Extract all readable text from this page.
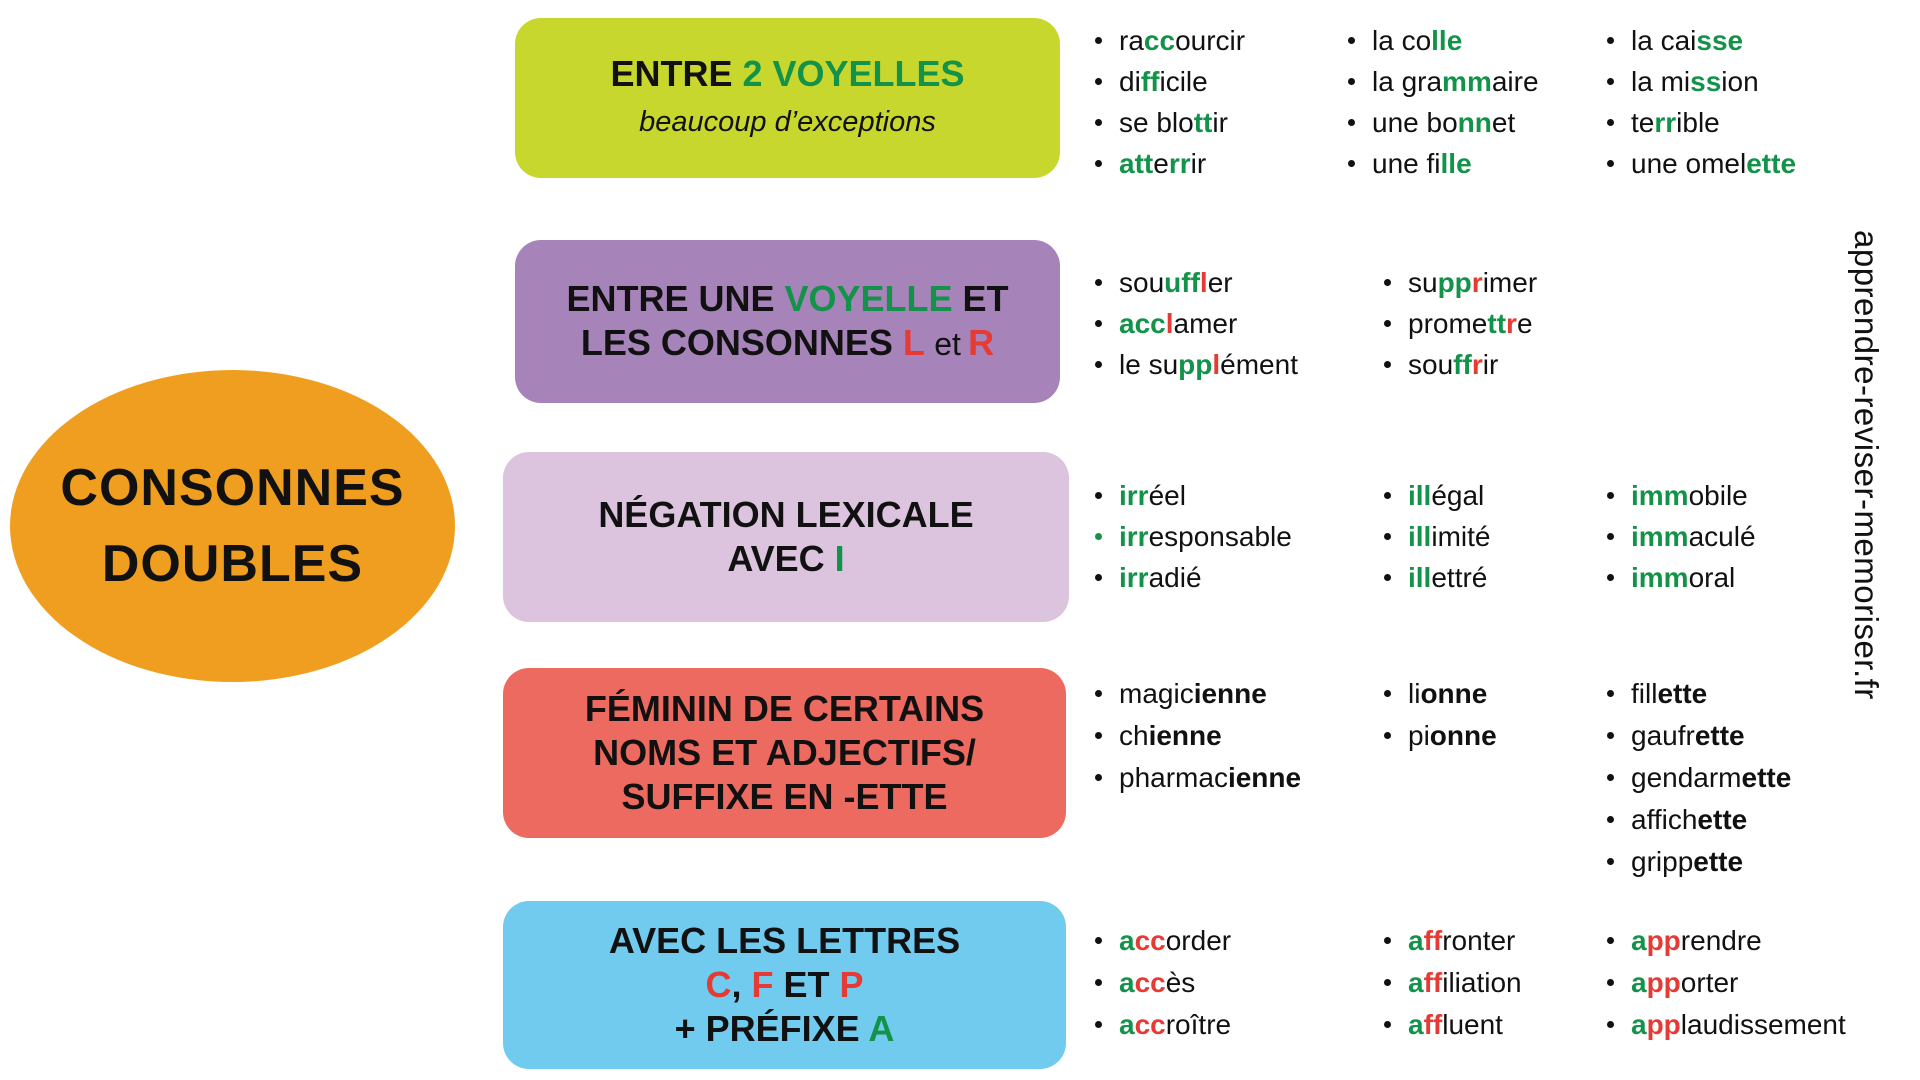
CONSONNES
DOUBLES
ENTRE 2 VOYELLES
beaucoup d’exceptions
ENTRE UNE VOYELLE ET
LES CONSONNES L et  R
NÉGATION LEXICALE
AVEC I
FÉMININ DE CERTAINS
NOMS ET ADJECTIFS/
SUFFIXE EN -ETTE
AVEC LES LETTRES
C, F ET P
+ PRÉFIXE A
raccourcir
difficile
se blottir
atterrir
la colle
la grammaire
une bonnet
une fille
la caisse
la mission
terrible
une omelette
souuffler
acclamer
le supplément
supprimer
promettre
souffrir
irréel
irresponsable
irradié
illégal
illimité
illettré
immobile
immaculé
immoral
magicienne
chienne
pharmacienne
lionne
pionne
fillette
gaufrette
gendarmette
affichette
grippette
accorder
accès
accroître
affronter
affiliation
affluent
apprendre
apporter
applaudissement
apprendre-reviser-memoriser.fr
